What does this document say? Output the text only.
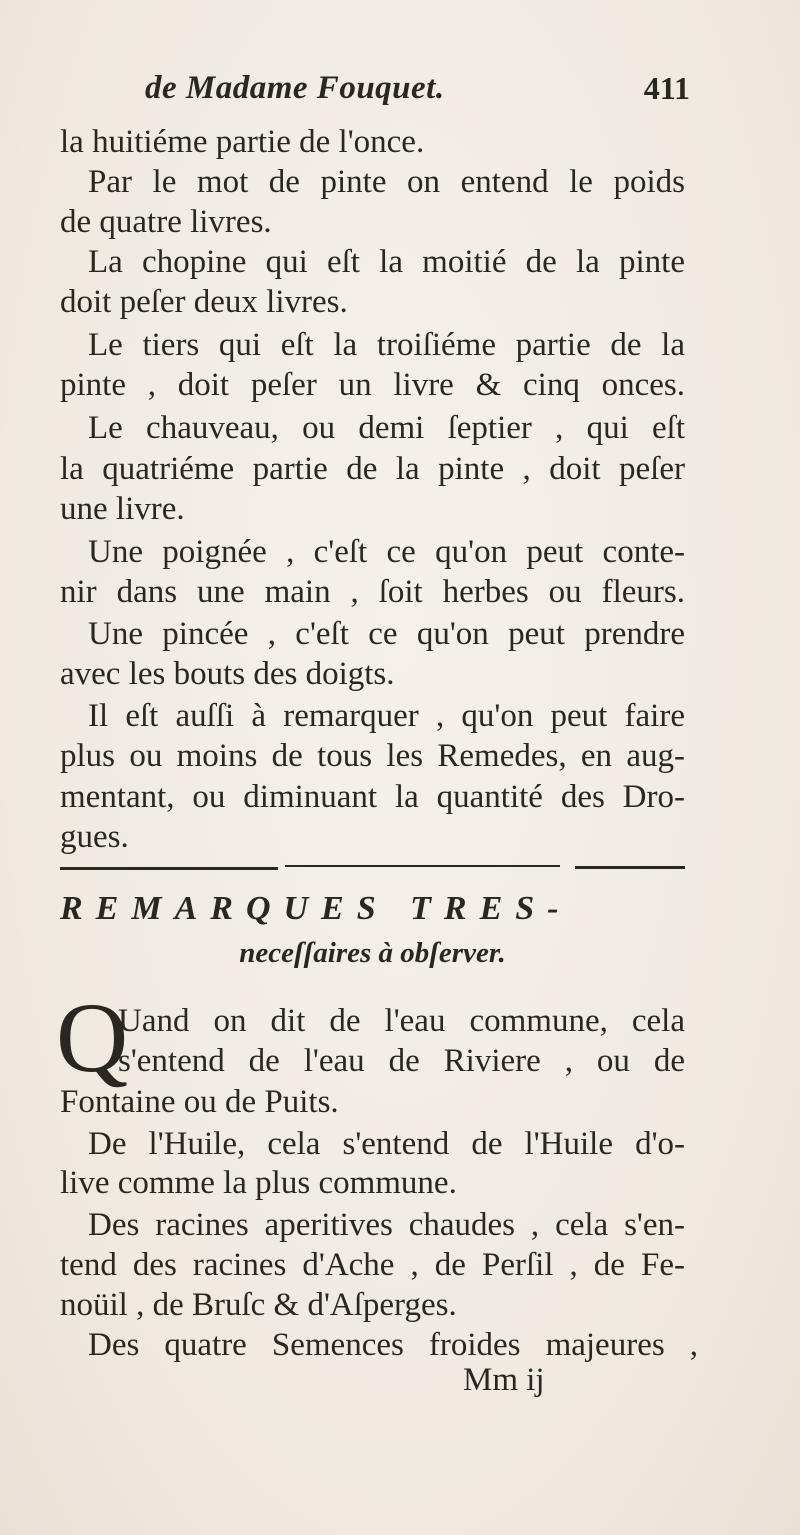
de Madame Fouquet.	411
la huitiéme partie de l'once.
Par le mot de pinte on entend le poids
de quatre livres.
La chopine qui eſt la moitié de la pinte
doit peſer deux livres.
Le tiers qui eſt la troiſiéme partie de la
pinte , doit peſer un livre & cinq onces.
Le chauveau, ou demi ſeptier , qui eſt
la quatriéme partie de la pinte , doit peſer
une livre.
Une poignée , c'eſt ce qu'on peut conte-
nir dans une main , ſoit herbes ou fleurs.
Une pincée , c'eſt ce qu'on peut prendre
avec les bouts des doigts.
Il eſt auſſi à remarquer , qu'on peut faire
plus ou moins de tous les Remedes, en aug-
mentant, ou diminuant la quantité des Dro-
gues.
REMARQUES TRES-
neceſſaires à obſerver.
Q
Uand on dit de l'eau commune, cela
s'entend de l'eau de Riviere , ou de
Fontaine ou de Puits.
De l'Huile, cela s'entend de l'Huile d'o-
live comme la plus commune.
Des racines aperitives chaudes , cela s'en-
tend des racines d'Ache , de Perſil , de Fe-
noüil , de Bruſc & d'Aſperges.
Des quatre Semences froides majeures ,
Mm ij
